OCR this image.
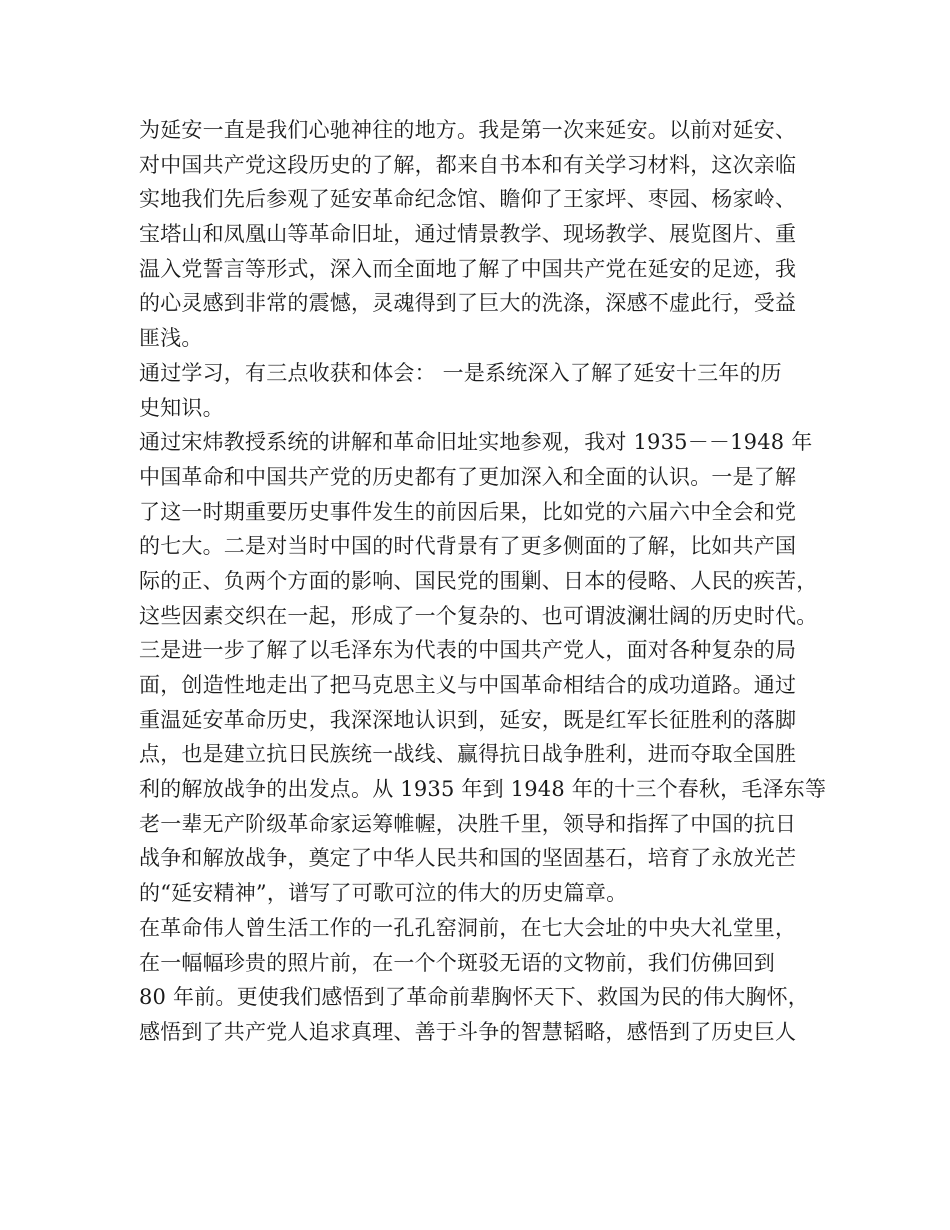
为延安一直是我们心驰神往的地方。我是第一次来延安。以前对延安、
对中国共产党这段历史的了解，都来自书本和有关学习材料，这次亲临
实地我们先后参观了延安革命纪念馆、瞻仰了王家坪、枣园、杨家岭、
宝塔山和凤凰山等革命旧址，通过情景教学、现场教学、展览图片、重
温入党誓言等形式，深入而全面地了解了中国共产党在延安的足迹，我
的心灵感到非常的震憾，灵魂得到了巨大的洗涤，深感不虚此行，受益
匪浅。
通过学习，有三点收获和体会： 一是系统深入了解了延安十三年的历
史知识。
通过宋炜教授系统的讲解和革命旧址实地参观，我对 1935－－1948 年
中国革命和中国共产党的历史都有了更加深入和全面的认识。一是了解
了这一时期重要历史事件发生的前因后果，比如党的六届六中全会和党
的七大。二是对当时中国的时代背景有了更多侧面的了解，比如共产国
际的正、负两个方面的影响、国民党的围剿、日本的侵略、人民的疾苦，
这些因素交织在一起，形成了一个复杂的、也可谓波澜壮阔的历史时代。
三是进一步了解了以毛泽东为代表的中国共产党人，面对各种复杂的局
面，创造性地走出了把马克思主义与中国革命相结合的成功道路。通过
重温延安革命历史，我深深地认识到，延安，既是红军长征胜利的落脚
点，也是建立抗日民族统一战线、赢得抗日战争胜利，进而夺取全国胜
利的解放战争的出发点。从 1935 年到 1948 年的十三个春秋，毛泽东等
老一辈无产阶级革命家运筹帷幄，决胜千里，领导和指挥了中国的抗日
战争和解放战争，奠定了中华人民共和国的坚固基石，培育了永放光芒
的“延安精神”，谱写了可歌可泣的伟大的历史篇章。
在革命伟人曾生活工作的一孔孔窑洞前，在七大会址的中央大礼堂里，
在一幅幅珍贵的照片前，在一个个斑驳无语的文物前，我们仿佛回到
80 年前。更使我们感悟到了革命前辈胸怀天下、救国为民的伟大胸怀，
感悟到了共产党人追求真理、善于斗争的智慧韬略，感悟到了历史巨人
